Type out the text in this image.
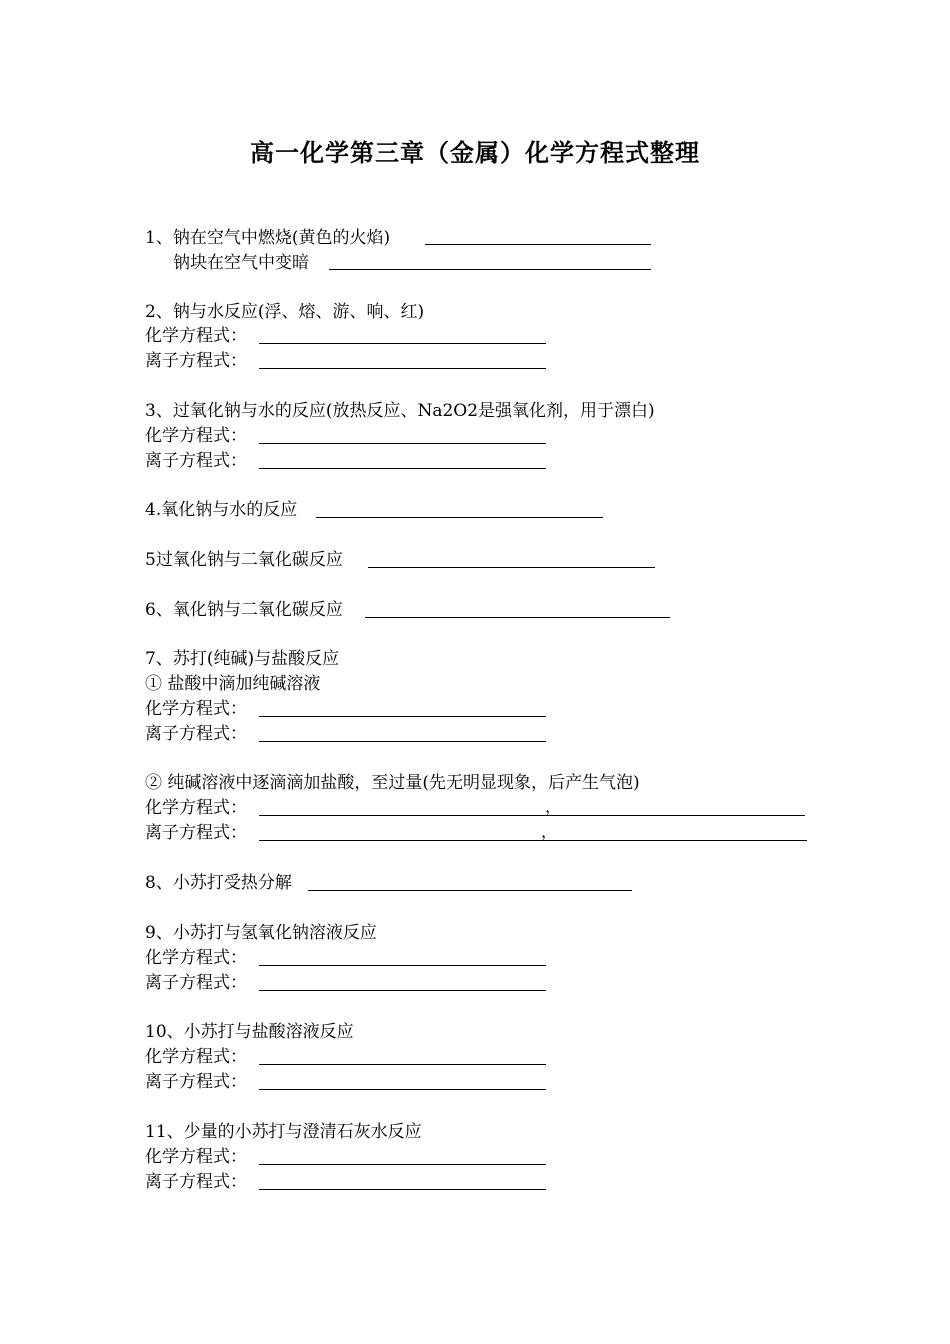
高一化学第三章（金属）化学方程式整理
1、钠在空气中燃烧(黄色的火焰)
钠块在空气中变暗
2、钠与水反应(浮、熔、游、响、红)
化学方程式：
离子方程式：
3、过氧化钠与水的反应(放热反应、Na2O2是强氧化剂，用于漂白)
化学方程式：
离子方程式：
4.氧化钠与水的反应
5过氧化钠与二氧化碳反应
6、氧化钠与二氧化碳反应
7、苏打(纯碱)与盐酸反应
① 盐酸中滴加纯碱溶液
化学方程式：
离子方程式：
② 纯碱溶液中逐滴滴加盐酸，至过量(先无明显现象，后产生气泡)
化学方程式：	，
离子方程式：	，
8、小苏打受热分解
9、小苏打与氢氧化钠溶液反应
化学方程式：
离子方程式：
10、小苏打与盐酸溶液反应
化学方程式：
离子方程式：
11、少量的小苏打与澄清石灰水反应
化学方程式：
离子方程式：
